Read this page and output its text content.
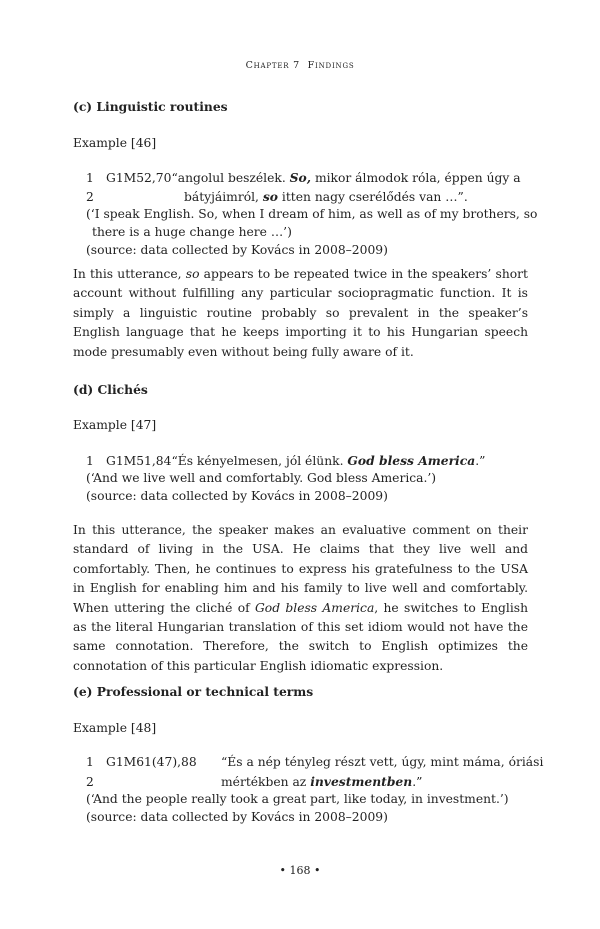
Chapter 7 Findings
(c) Linguistic routines
Example [46]
1 G1M52,70“angolul beszélek. So, mikor álmodok róla, éppen úgy a
2	bátyjáimról, so itten nagy cserélődés van …”.
(‘I speak English. So, when I dream of him, as well as of my brothers, so
there is a huge change here …’)
(source: data collected by Kovács in 2008–2009)

In this utterance, so appears to be repeated twice in the speakers’ short account without fulfilling any particular sociopragmatic function. It is simply a linguistic routine probably so prevalent in the speaker’s English language that he keeps importing it to his Hungarian speech mode presumably even without being fully aware of it.

(d) Clichés
Example [47]
1 G1M51,84“És kényelmesen, jól élünk. God bless America.”
(‘And we live well and comfortably. God bless America.’)
(source: data collected by Kovács in 2008–2009)

In this utterance, the speaker makes an evaluative comment on their standard of living in the USA. He claims that they live well and comfortably. Then, he continues to express his gratefulness to the USA in English for enabling him and his family to live well and comfortably. When uttering the cliché of God bless America, he switches to English as the literal Hungarian translation of this set idiom would not have the same connotation. Therefore, the switch to English optimizes the connotation of this particular English idiomatic expression.

(e) Professional or technical terms
Example [48]
1 G1M61(47),88 “És a nép tényleg részt vett, úgy, mint máma, óriási
2	mértékben az investmentben.”
(‘And the people really took a great part, like today, in investment.’)
(source: data collected by Kovács in 2008–2009)
• 168 •
